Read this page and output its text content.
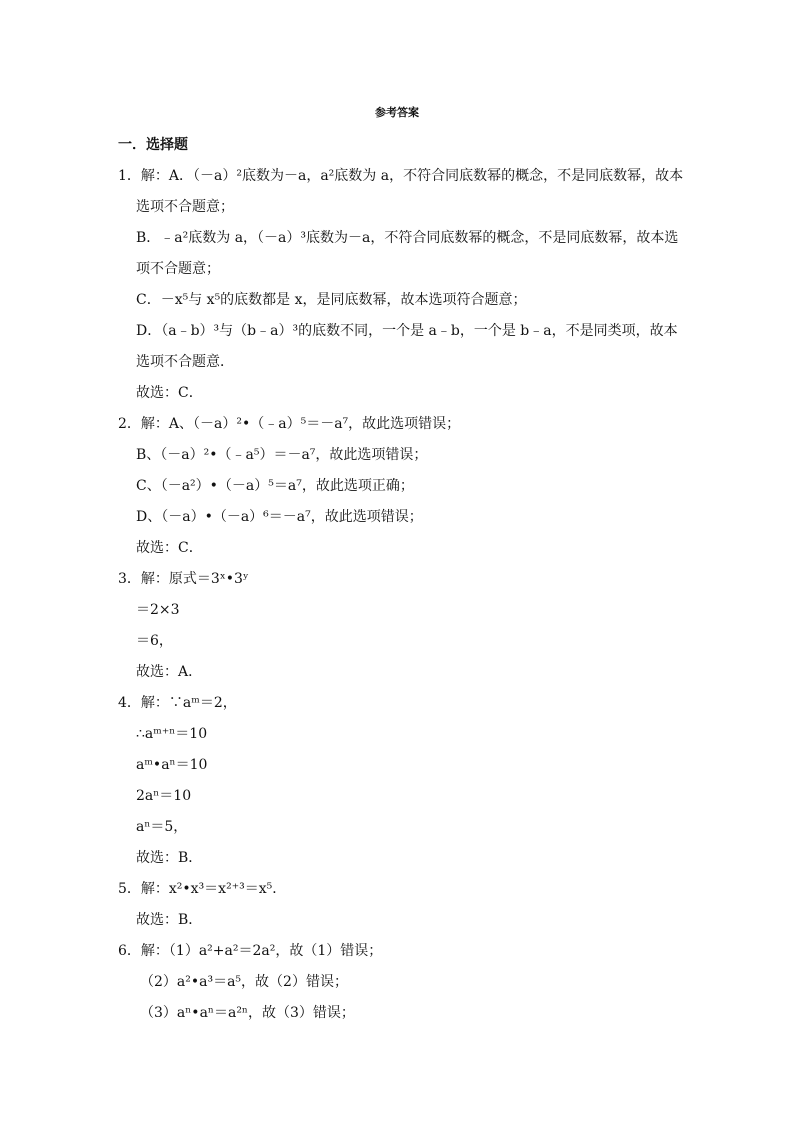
参考答案
一．选择题
1．解：A．（－a）²底数为－a，a²底数为 a，不符合同底数幂的概念，不是同底数幂，故本
选项不合题意；
B．﹣a²底数为 a，（－a）³底数为－a，不符合同底数幂的概念，不是同底数幂，故本选
项不合题意；
C．－x⁵与 x⁵的底数都是 x，是同底数幂，故本选项符合题意；
D．（a﹣b）³与（b﹣a）³的底数不同，一个是 a﹣b，一个是 b﹣a，不是同类项，故本
选项不合题意．
故选：C．
2．解：A、（－a）²•（﹣a）⁵＝－a⁷，故此选项错误；
B、（－a）²•（﹣a⁵）＝－a⁷，故此选项错误；
C、（－a²）•（－a）⁵＝a⁷，故此选项正确；
D、（－a）•（－a）⁶＝－a⁷，故此选项错误；
故选：C．
3．解：原式＝3ˣ•3ʸ
＝2×3
＝6，
故选：A．
4．解：∵aᵐ＝2，
∴aᵐ⁺ⁿ＝10
aᵐ•aⁿ＝10
2aⁿ＝10
aⁿ＝5，
故选：B．
5．解：x²•x³＝x²⁺³＝x⁵．
故选：B．
6．解：（1）a²+a²＝2a²，故（1）错误；
（2）a²•a³＝a⁵，故（2）错误；
（3）aⁿ•aⁿ＝a²ⁿ，故（3）错误；
